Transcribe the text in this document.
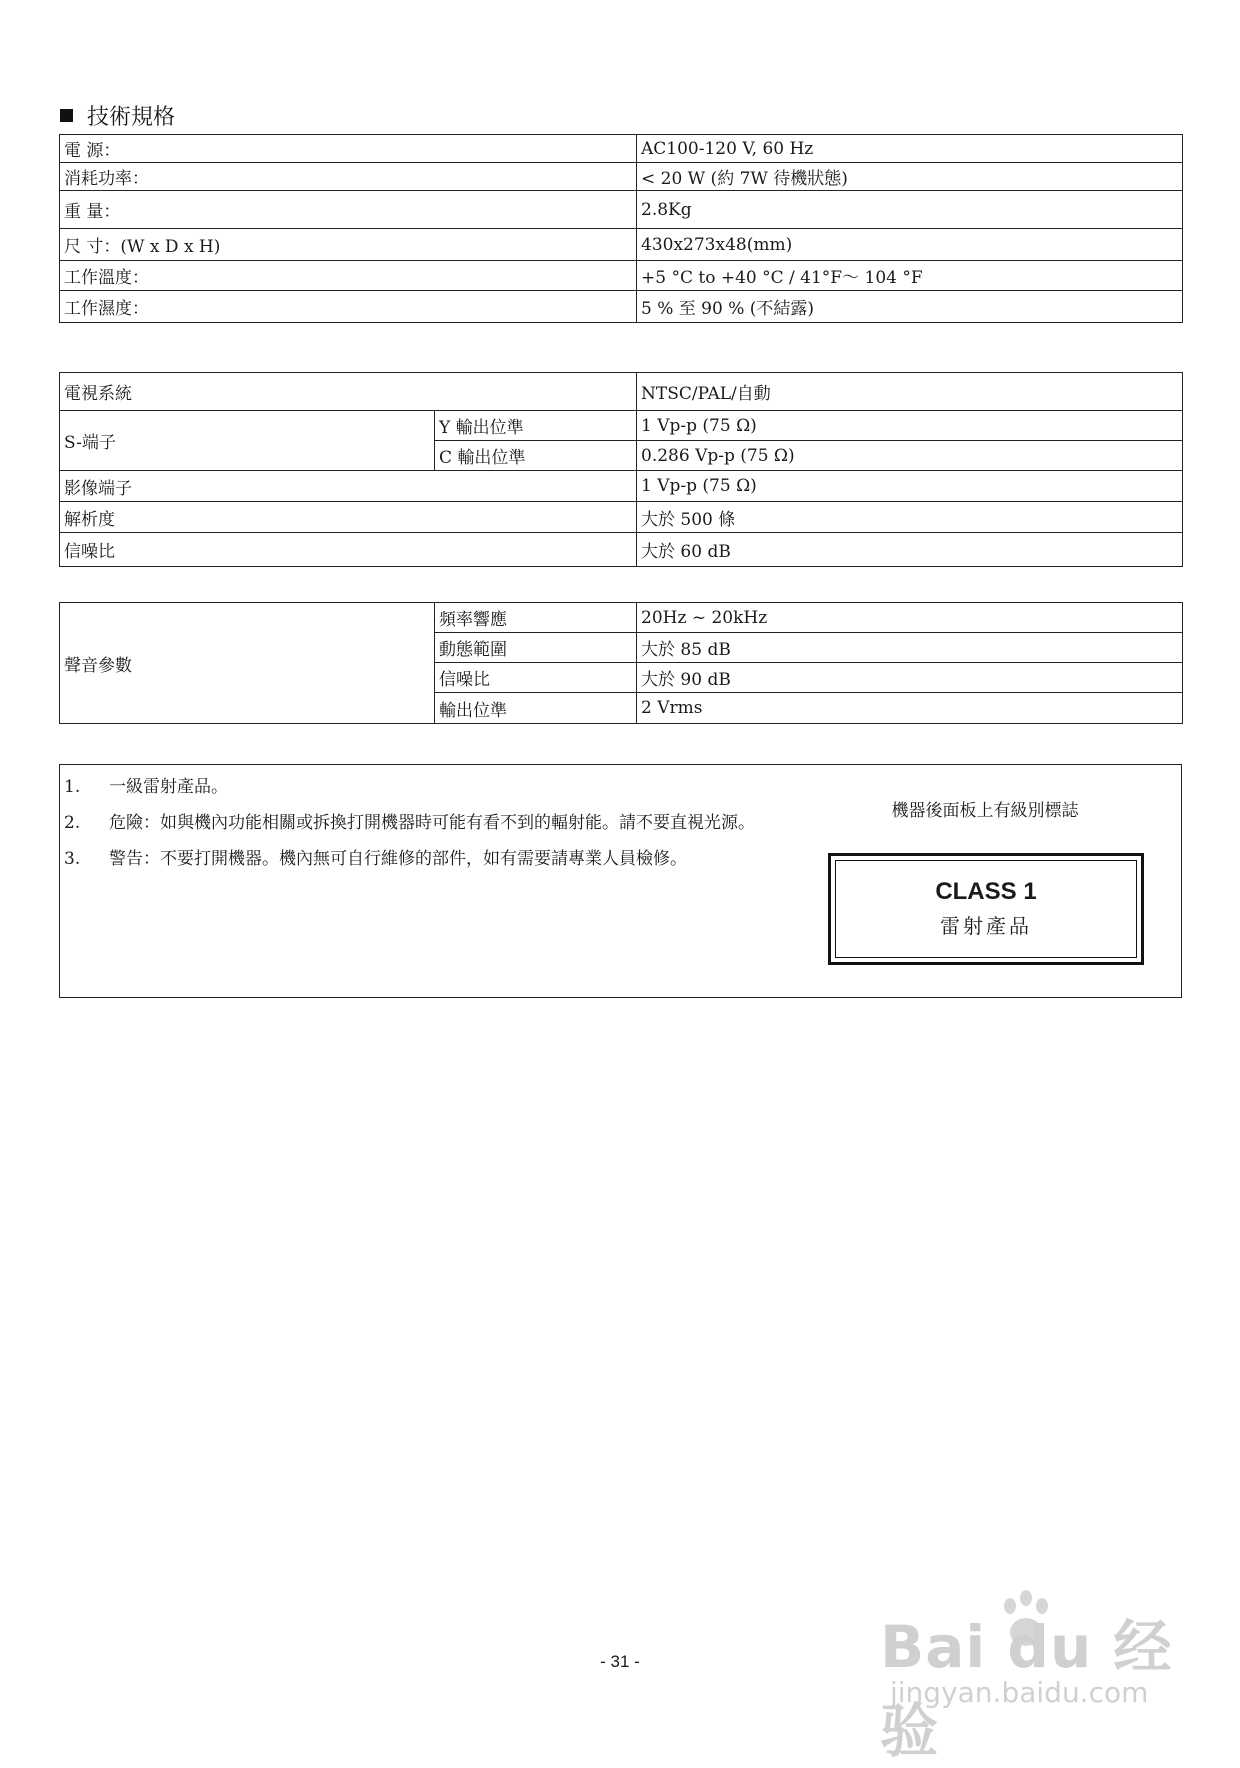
技術規格
電 源：	AC100-120 V, 60 Hz
消耗功率：	< 20 W (約 7W 待機狀態)
重 量：	2.8Kg
尺 寸：(W x D x H)	430x273x48(mm)
工作溫度：	+5 °C to +40 °C / 41°F～ 104 °F
工作濕度：	5 % 至 90 % (不結露)
電視系統		NTSC/PAL/自動
S-端子	Y 輸出位準	1 Vp-p (75 Ω)
	C 輸出位準	0.286 Vp-p (75 Ω)
影像端子		1 Vp-p (75 Ω)
解析度		大於 500 條
信噪比		大於 60 dB
聲音參數	頻率響應	20Hz ~ 20kHz
	動態範圍	大於 85 dB
	信噪比	大於 90 dB
	輸出位準	2 Vrms
1.	一級雷射產品。
2.	危險：如與機內功能相關或拆換打開機器時可能有看不到的輻射能。請不要直視光源。
3.	警告：不要打開機器。機內無可自行維修的部件，如有需要請專業人員檢修。
機器後面板上有級別標誌
CLASS 1
雷射產品
- 31 -	Bai du 经验
jingyan.baidu.com
